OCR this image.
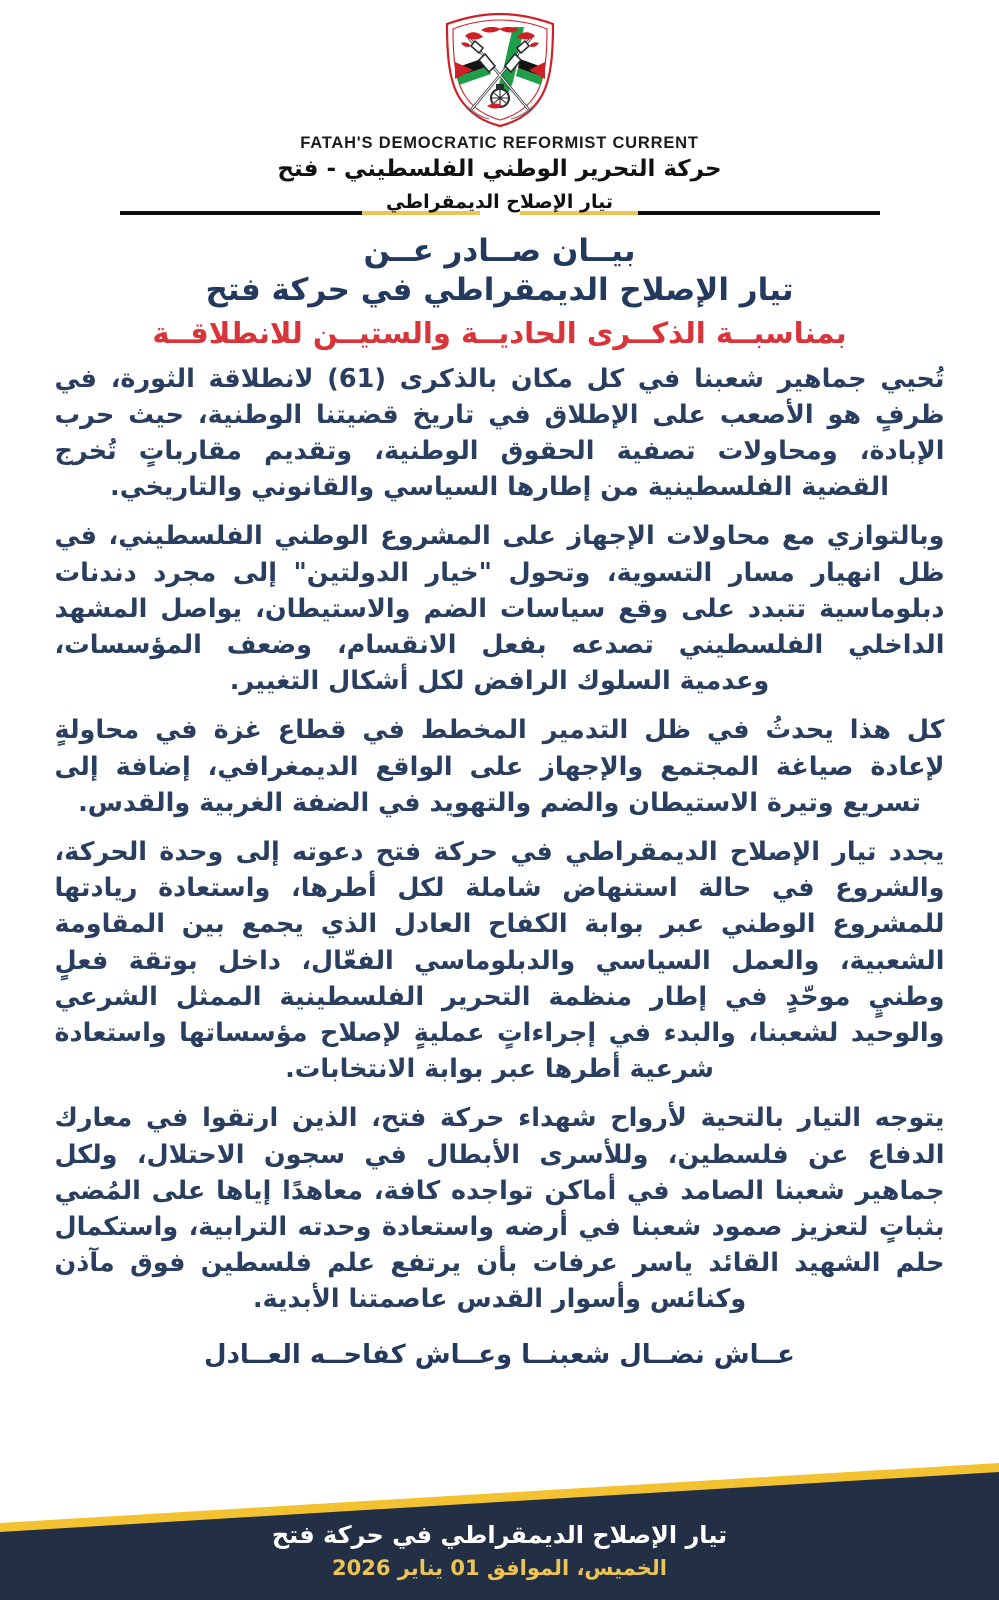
FATAH'S DEMOCRATIC REFORMIST CURRENT
حركة التحرير الوطني الفلسطيني - فتح
تيار الإصلاح الديمقراطي
بيــان صــادر عــن
تيار الإصلاح الديمقراطي في حركة فتح
بمناسبــة الذكــرى الحاديــة والستيــن للانطلاقــة

تُحيي جماهير شعبنا في كل مكان بالذكرى (61) لانطلاقة الثورة، في ظرفٍ هو الأصعب على الإطلاق في تاريخ قضيتنا الوطنية، حيث حرب الإبادة، ومحاولات تصفية الحقوق الوطنية، وتقديم مقارباتٍ تُخرج القضية الفلسطينية من إطارها السياسي والقانوني والتاريخي.

وبالتوازي مع محاولات الإجهاز على المشروع الوطني الفلسطيني، في ظل انهيار مسار التسوية، وتحول "خيار الدولتين" إلى مجرد دندنات دبلوماسية تتبدد على وقع سياسات الضم والاستيطان، يواصل المشهد الداخلي الفلسطيني تصدعه بفعل الانقسام، وضعف المؤسسات، وعدمية السلوك الرافض لكل أشكال التغيير.

كل هذا يحدثُ في ظل التدمير المخطط في قطاع غزة في محاولةٍ لإعادة صياغة المجتمع والإجهاز على الواقع الديمغرافي، إضافة إلى تسريع وتيرة الاستيطان والضم والتهويد في الضفة الغربية والقدس.

يجدد تيار الإصلاح الديمقراطي في حركة فتح دعوته إلى وحدة الحركة، والشروع في حالة استنهاض شاملة لكل أطرها، واستعادة ريادتها للمشروع الوطني عبر بوابة الكفاح العادل الذي يجمع بين المقاومة الشعبية، والعمل السياسي والدبلوماسي الفعّال، داخل بوتقة فعلٍ وطنيٍ موحّدٍ في إطار منظمة التحرير الفلسطينية الممثل الشرعي والوحيد لشعبنا، والبدء في إجراءاتٍ عمليةٍ لإصلاح مؤسساتها واستعادة شرعية أطرها عبر بوابة الانتخابات.

يتوجه التيار بالتحية لأرواح شهداء حركة فتح، الذين ارتقوا في معارك الدفاع عن فلسطين، وللأسرى الأبطال في سجون الاحتلال، ولكل جماهير شعبنا الصامد في أماكن تواجده كافة، معاهدًا إياها على المُضي بثباتٍ لتعزيز صمود شعبنا في أرضه واستعادة وحدته الترابية، واستكمال حلم الشهيد القائد ياسر عرفات بأن يرتفع علم فلسطين فوق مآذن وكنائس وأسوار القدس عاصمتنا الأبدية.

عــاش نضــال شعبنــا وعــاش كفاحــه العــادل
تيار الإصلاح الديمقراطي في حركة فتح
الخميس، الموافق 01 يناير 2026
